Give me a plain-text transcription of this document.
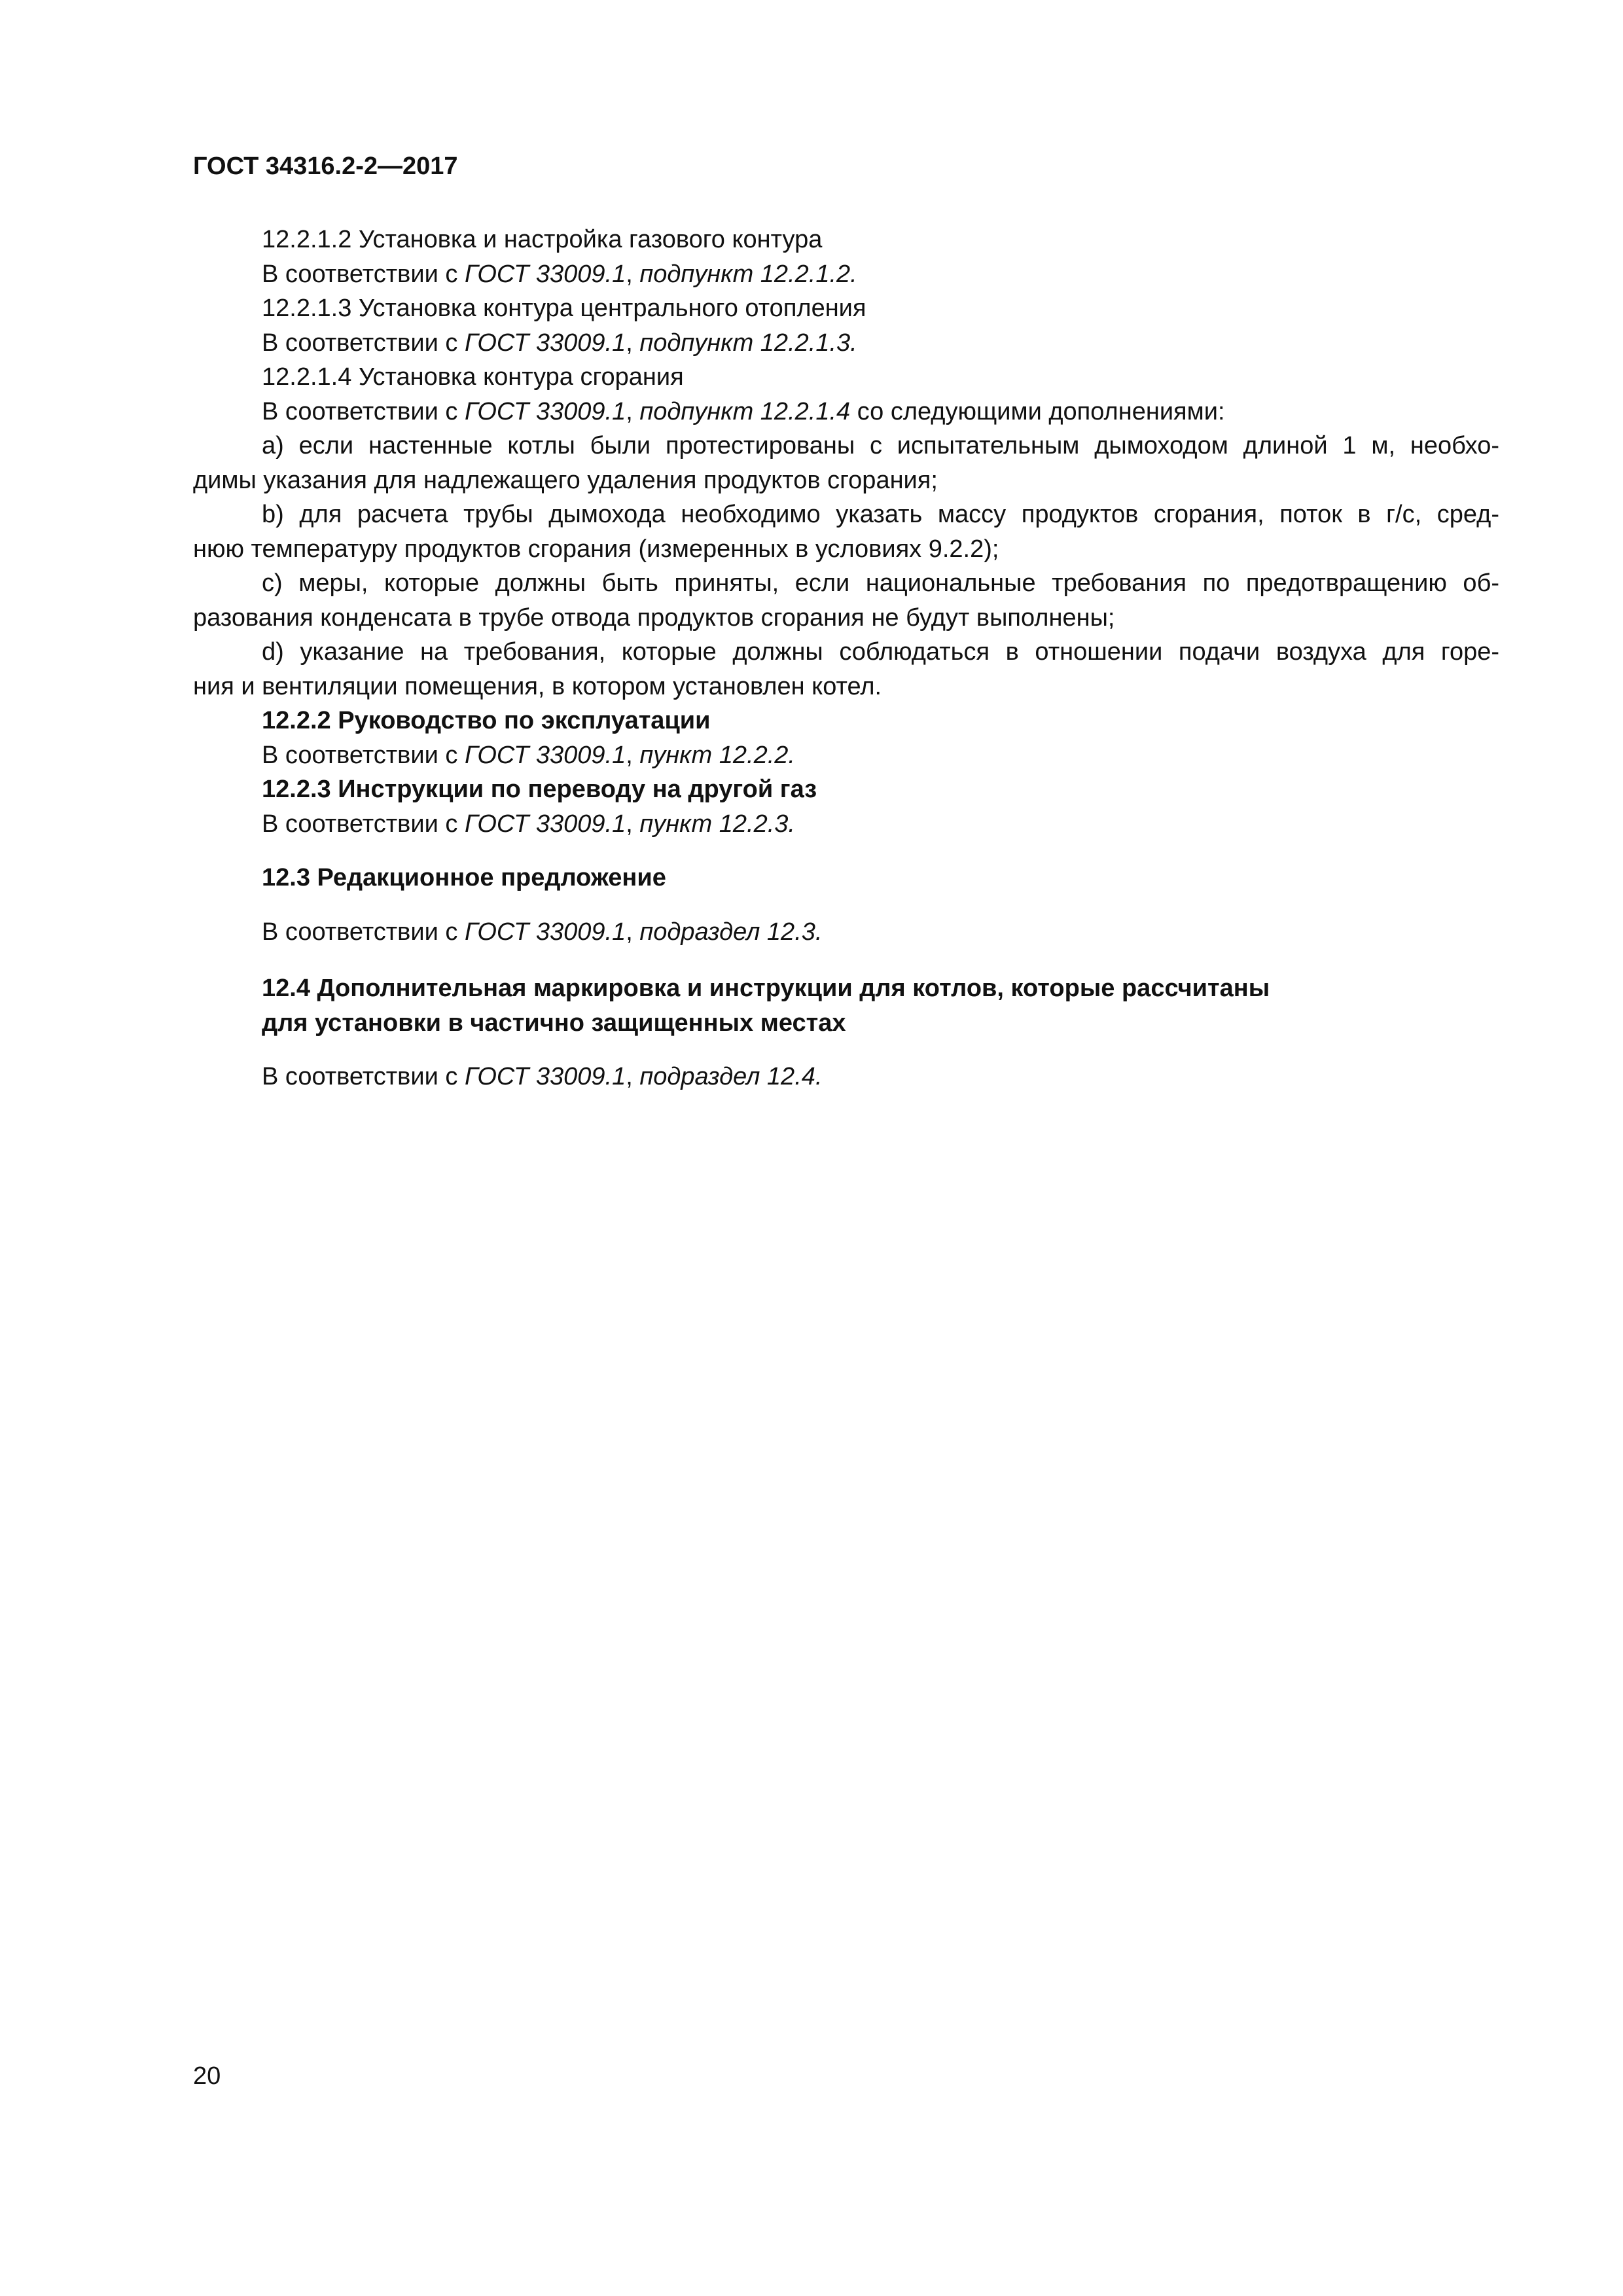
ГОСТ 34316.2-2—2017
12.2.1.2 Установка и настройка газового контура
В соответствии с ГОСТ 33009.1, подпункт 12.2.1.2.
12.2.1.3 Установка контура центрального отопления
В соответствии с ГОСТ 33009.1, подпункт 12.2.1.3.
12.2.1.4 Установка контура сгорания
В соответствии с ГОСТ 33009.1, подпункт 12.2.1.4 со следующими дополнениями:
a) если настенные котлы были протестированы с испытательным дымоходом длиной 1 м, необхо-
димы указания для надлежащего удаления продуктов сгорания;
b) для расчета трубы дымохода необходимо указать массу продуктов сгорания, поток в г/с, сред-
нюю температуру продуктов сгорания (измеренных в условиях 9.2.2);
c) меры, которые должны быть приняты, если национальные требования по предотвращению об-
разования конденсата в трубе отвода продуктов сгорания не будут выполнены;
d) указание на требования, которые должны соблюдаться в отношении подачи воздуха для горе-
ния и вентиляции помещения, в котором установлен котел.
12.2.2 Руководство по эксплуатации
В соответствии с ГОСТ 33009.1, пункт 12.2.2.
12.2.3 Инструкции по переводу на другой газ
В соответствии с ГОСТ 33009.1, пункт 12.2.3.
12.3 Редакционное предложение
В соответствии с ГОСТ 33009.1, подраздел 12.3.
12.4 Дополнительная маркировка и инструкции для котлов, которые рассчитаны
для установки в частично защищенных местах
В соответствии с ГОСТ 33009.1, подраздел 12.4.
20
